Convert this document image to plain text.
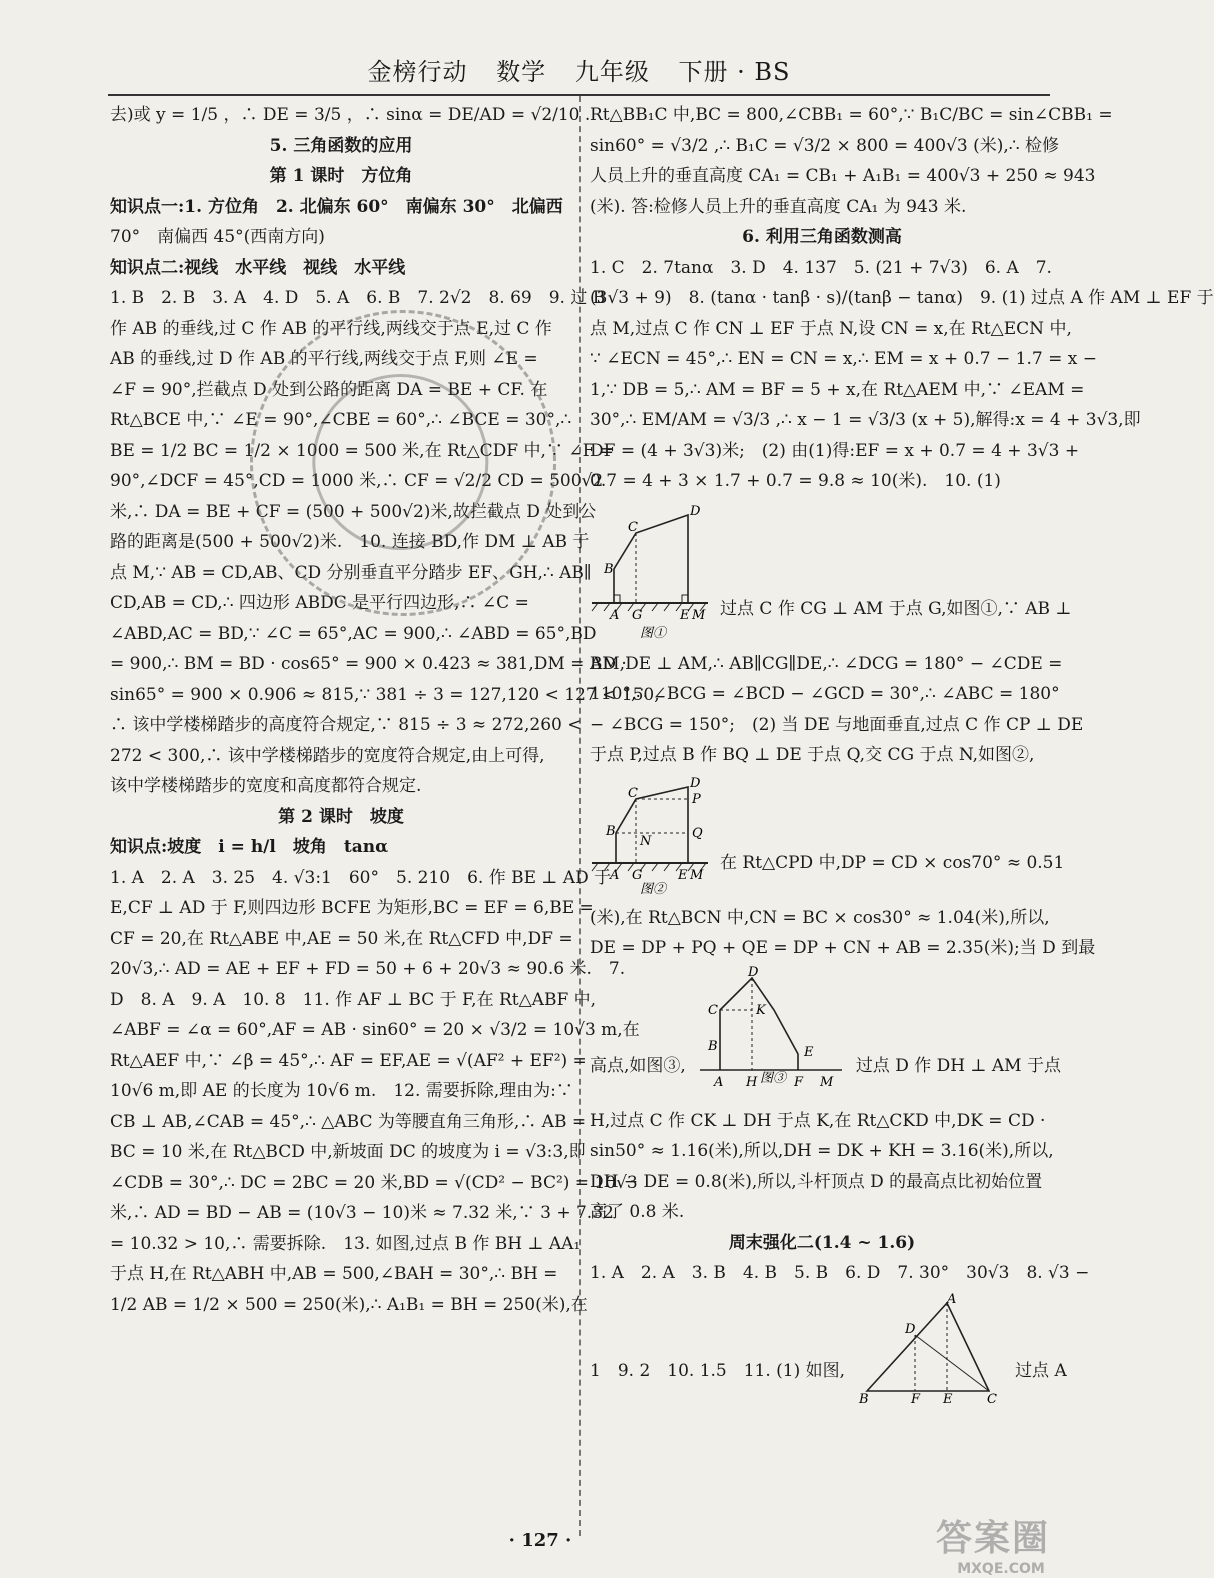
金榜行动 数学 九年级 下册 · BS
去)或 y = 1/5 ，∴ DE = 3/5 ，∴ sinα = DE/AD = √2/10 .
5. 三角函数的应用
第 1 课时　方位角
知识点一:1. 方位角　2. 北偏东 60°　南偏东 30°　北偏西
70°　南偏西 45°(西南方向)
知识点二:视线　水平线　视线　水平线
1. B　2. B　3. A　4. D　5. A　6. B　7. 2√2　8. 69　9. 过 B
作 AB 的垂线,过 C 作 AB 的平行线,两线交于点 E,过 C 作
AB 的垂线,过 D 作 AB 的平行线,两线交于点 F,则 ∠E =
∠F = 90°,拦截点 D 处到公路的距离 DA = BE + CF. 在
Rt△BCE 中,∵ ∠E = 90°,∠CBE = 60°,∴ ∠BCE = 30°,∴
BE = 1/2 BC = 1/2 × 1000 = 500 米,在 Rt△CDF 中,∵ ∠F =
90°,∠DCF = 45°,CD = 1000 米,∴ CF = √2/2 CD = 500√2
米,∴ DA = BE + CF = (500 + 500√2)米,故拦截点 D 处到公
路的距离是(500 + 500√2)米.　10. 连接 BD,作 DM ⊥ AB 于
点 M,∵ AB = CD,AB、CD 分别垂直平分踏步 EF、GH,∴ AB∥
CD,AB = CD,∴ 四边形 ABDC 是平行四边形,∴ ∠C =
∠ABD,AC = BD,∵ ∠C = 65°,AC = 900,∴ ∠ABD = 65°,BD
= 900,∴ BM = BD · cos65° = 900 × 0.423 ≈ 381,DM = BD ·
sin65° = 900 × 0.906 ≈ 815,∵ 381 ÷ 3 = 127,120 < 127 < 150,
∴ 该中学楼梯踏步的高度符合规定,∵ 815 ÷ 3 ≈ 272,260 <
272 < 300,∴ 该中学楼梯踏步的宽度符合规定,由上可得,
该中学楼梯踏步的宽度和高度都符合规定.
第 2 课时　坡度
知识点:坡度　i = h/l　坡角　tanα
1. A　2. A　3. 25　4. √3:1　60°　5. 210　6. 作 BE ⊥ AD 于
E,CF ⊥ AD 于 F,则四边形 BCFE 为矩形,BC = EF = 6,BE =
CF = 20,在 Rt△ABE 中,AE = 50 米,在 Rt△CFD 中,DF =
20√3,∴ AD = AE + EF + FD = 50 + 6 + 20√3 ≈ 90.6 米.　7.
D　8. A　9. A　10. 8　11. 作 AF ⊥ BC 于 F,在 Rt△ABF 中,
∠ABF = ∠α = 60°,AF = AB · sin60° = 20 × √3/2 = 10√3 m,在
Rt△AEF 中,∵ ∠β = 45°,∴ AF = EF,AE = √(AF² + EF²) =
10√6 m,即 AE 的长度为 10√6 m.　12. 需要拆除,理由为:∵
CB ⊥ AB,∠CAB = 45°,∴ △ABC 为等腰直角三角形,∴ AB =
BC = 10 米,在 Rt△BCD 中,新坡面 DC 的坡度为 i = √3:3,即
∠CDB = 30°,∴ DC = 2BC = 20 米,BD = √(CD² − BC²) = 10√3
米,∴ AD = BD − AB = (10√3 − 10)米 ≈ 7.32 米,∵ 3 + 7.32
= 10.32 > 10,∴ 需要拆除.　13. 如图,过点 B 作 BH ⊥ AA₁
于点 H,在 Rt△ABH 中,AB = 500,∠BAH = 30°,∴ BH =
1/2 AB = 1/2 × 500 = 250(米),∴ A₁B₁ = BH = 250(米),在
Rt△BB₁C 中,BC = 800,∠CBB₁ = 60°,∵ B₁C/BC = sin∠CBB₁ =
sin60° = √3/2 ,∴ B₁C = √3/2 × 800 = 400√3 (米),∴ 检修
人员上升的垂直高度 CA₁ = CB₁ + A₁B₁ = 400√3 + 250 ≈ 943
(米). 答:检修人员上升的垂直高度 CA₁ 为 943 米.
6. 利用三角函数测高
1. C　2. 7tanα　3. D　4. 137　5. (21 + 7√3)　6. A　7.
(3√3 + 9)　8. (tanα · tanβ · s)/(tanβ − tanα)　9. (1) 过点 A 作 AM ⊥ EF 于
点 M,过点 C 作 CN ⊥ EF 于点 N,设 CN = x,在 Rt△ECN 中,
∵ ∠ECN = 45°,∴ EN = CN = x,∴ EM = x + 0.7 − 1.7 = x −
1,∵ DB = 5,∴ AM = BF = 5 + x,在 Rt△AEM 中,∵ ∠EAM =
30°,∴ EM/AM = √3/3 ,∴ x − 1 = √3/3 (x + 5),解得:x = 4 + 3√3,即
DF = (4 + 3√3)米;　(2) 由(1)得:EF = x + 0.7 = 4 + 3√3 +
0.7 = 4 + 3 × 1.7 + 0.7 = 9.8 ≈ 10(米).　10. (1)
B
C
D
A G	E M
图①
过点 C 作 CG ⊥ AM 于点 G,如图①,∵ AB ⊥
AM,DE ⊥ AM,∴ AB∥CG∥DE,∴ ∠DCG = 180° − ∠CDE =
110°,∴ ∠BCG = ∠BCD − ∠GCD = 30°,∴ ∠ABC = 180°
− ∠BCG = 150°;　(2) 当 DE 与地面垂直,过点 C 作 CP ⊥ DE
于点 P,过点 B 作 BQ ⊥ DE 于点 Q,交 CG 于点 N,如图②,
B
C
D
P
Q
N
A G	E M
图②
在 Rt△CPD 中,DP = CD × cos70° ≈ 0.51
(米),在 Rt△BCN 中,CN = BC × cos30° ≈ 1.04(米),所以,
DE = DP + PQ + QE = DP + CN + AB = 2.35(米);当 D 到最
高点,如图③,
C
D
K
B	E
A H	F M
图③
过点 D 作 DH ⊥ AM 于点
H,过点 C 作 CK ⊥ DH 于点 K,在 Rt△CKD 中,DK = CD ·
sin50° ≈ 1.16(米),所以,DH = DK + KH = 3.16(米),所以,
DH − DE = 0.8(米),所以,斗杆顶点 D 的最高点比初始位置
高了 0.8 米.
周末强化二(1.4 ~ 1.6)
1. A　2. A　3. B　4. B　5. B　6. D　7. 30°　30√3　8. √3 −
1　9. 2　10. 1.5　11. (1) 如图,
A
D
B	F E	C
过点 A
· 127 ·	答案圈
MXQE.COM
